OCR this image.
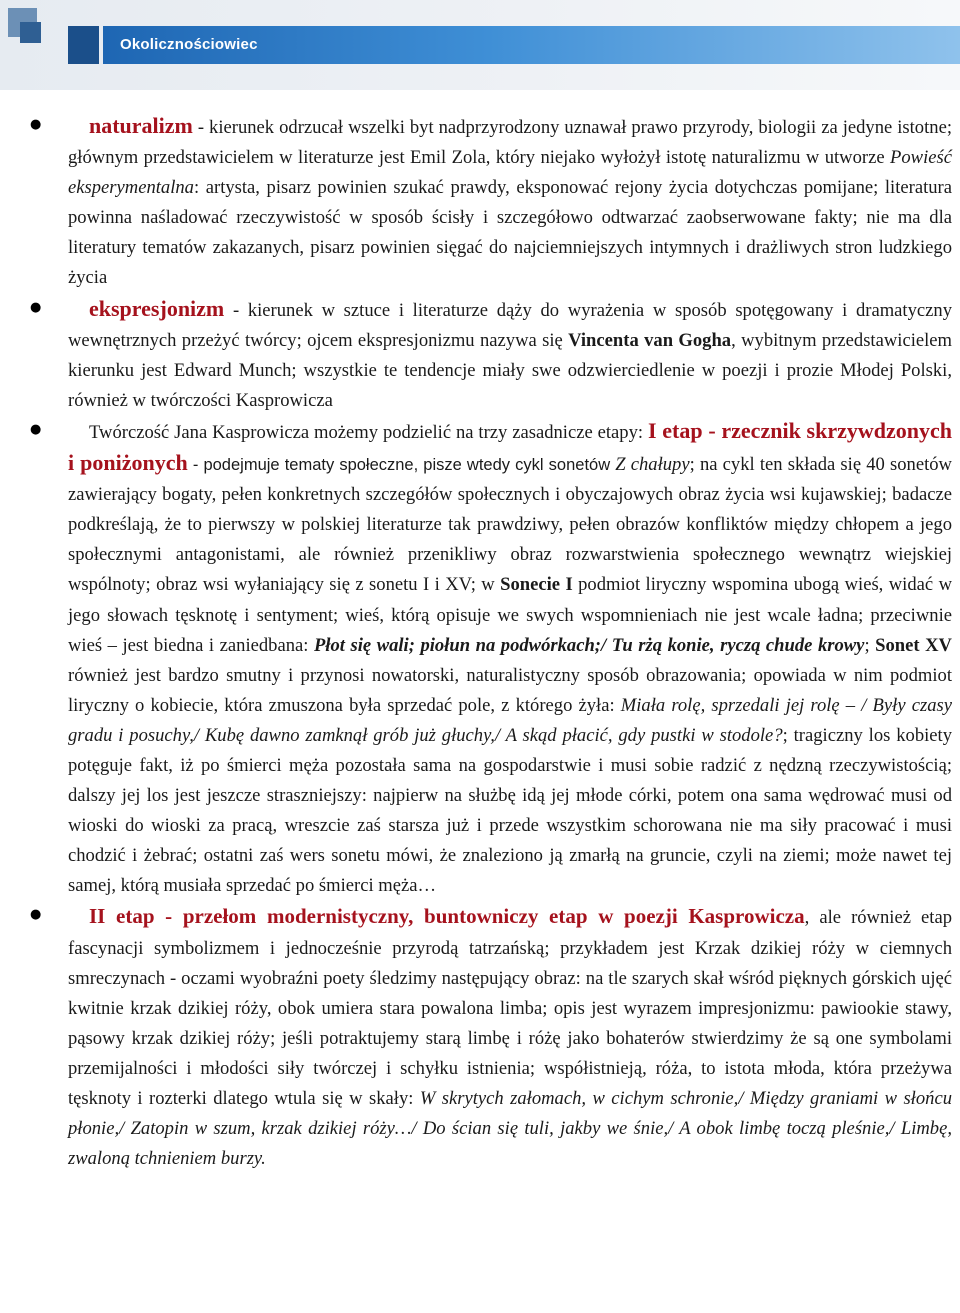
Okolicznościowiec
●	naturalizm - kierunek odrzucał wszelki byt nadprzyrodzony uznawał prawo przyrody, biologii za jedyne istotne; głównym przedstawicielem w literaturze jest Emil Zola, który niejako wyłożył istotę naturalizmu w utworze Powieść eksperymentalna: artysta, pisarz powinien szukać prawdy, eksponować rejony życia dotychczas pomijane; literatura powinna naśladować rzeczywistość w sposób ścisły i szczegółowo odtwarzać zaobserwowane fakty; nie ma dla literatury tematów zakazanych, pisarz powinien sięgać do najciemniejszych intymnych i drażliwych stron ludzkiego życia

●	ekspresjonizm - kierunek w sztuce i literaturze dąży do wyrażenia w sposób spotęgowany i dramatyczny wewnętrznych przeżyć twórcy; ojcem ekspresjonizmu nazywa się Vincenta van Gogha, wybitnym przedstawicielem kierunku jest Edward Munch; wszystkie te tendencje miały swe odzwierciedlenie w poezji i prozie Młodej Polski, również w twórczości Kasprowicza

●	Twórczość Jana Kasprowicza możemy podzielić na trzy zasadnicze etapy: I etap - rzecznik skrzywdzonych i poniżonych - podejmuje tematy społeczne, pisze wtedy cykl sonetów Z chałupy; na cykl ten składa się 40 sonetów zawierający bogaty, pełen konkretnych szczegółów społecznych i obyczajowych obraz życia wsi kujawskiej; badacze podkreślają, że to pierwszy w polskiej literaturze tak prawdziwy, pełen obrazów konfliktów między chłopem a jego społecznymi antagonistami, ale również przenikliwy obraz rozwarstwienia społecznego wewnątrz wiejskiej wspólnoty; obraz wsi wyłaniający się z sonetu I i XV; w Sonecie I podmiot liryczny wspomina ubogą wieś, widać w jego słowach tęsknotę i sentyment; wieś, którą opisuje we swych wspomnieniach nie jest wcale ładna; przeciwnie wieś – jest biedna i zaniedbana: Płot się wali; piołun na podwórkach;/ Tu rżą konie, ryczą chude krowy; Sonet XV również jest bardzo smutny i przynosi nowatorski, naturalistyczny sposób obrazowania; opowiada w nim podmiot liryczny o kobiecie, która zmuszona była sprzedać pole, z którego żyła: Miała rolę, sprzedali jej rolę – / Były czasy gradu i posuchy,/ Kubę dawno zamknął grób już głuchy,/ A skąd płacić, gdy pustki w stodole?; tragiczny los kobiety potęguje fakt, iż po śmierci męża pozostała sama na gospodarstwie i musi sobie radzić z nędzną rzeczywistością; dalszy jej los jest jeszcze straszniejszy: najpierw na służbę idą jej młode córki, potem ona sama wędrować musi od wioski do wioski za pracą, wreszcie zaś starsza już i przede wszystkim schorowana nie ma siły pracować i musi chodzić i żebrać; ostatni zaś wers sonetu mówi, że znaleziono ją zmarłą na gruncie, czyli na ziemi; może nawet tej samej, którą musiała sprzedać po śmierci męża…

●	II etap - przełom modernistyczny, buntowniczy etap w poezji Kasprowicza, ale również etap fascynacji symbolizmem i jednocześnie przyrodą tatrzańską; przykładem jest Krzak dzikiej róży w ciemnych smreczynach - oczami wyobraźni poety śledzimy następujący obraz: na tle szarych skał wśród pięknych górskich ujęć kwitnie krzak dzikiej róży, obok umiera stara powalona limba; opis jest wyrazem impresjonizmu: pawiookie stawy, pąsowy krzak dzikiej róży; jeśli potraktujemy starą limbę i różę jako bohaterów stwierdzimy że są one symbolami przemijalności i młodości siły twórczej i schyłku istnienia; współistnieją, róża, to istota młoda, która przeżywa tęsknoty i rozterki dlatego wtula się w skały: W skrytych załomach, w cichym schronie,/ Między graniami w słońcu płonie,/ Zatopin w szum, krzak dzikiej róży…/ Do ścian się tuli, jakby we śnie,/ A obok limbę toczą pleśnie,/ Limbę, zwaloną tchnieniem burzy.
